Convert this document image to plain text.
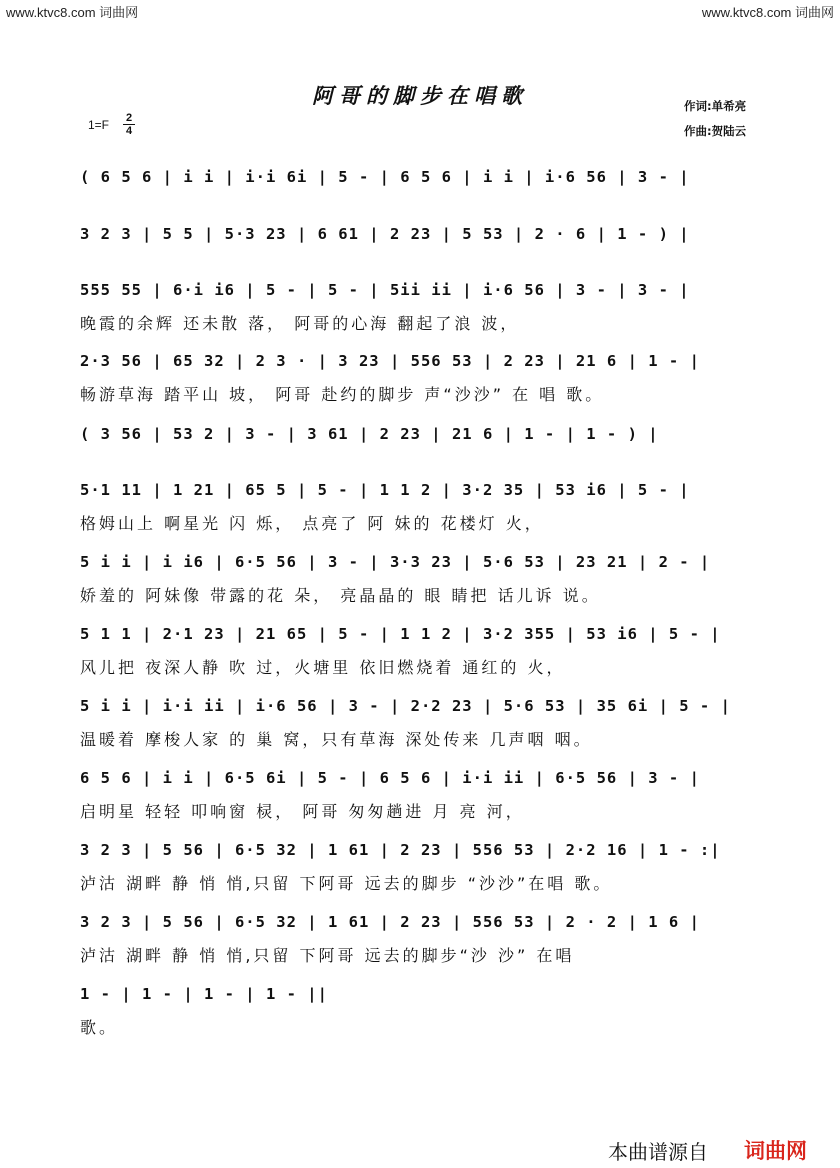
www.ktvc8.com 词曲网	www.ktvc8.com 词曲网
阿哥的脚步在唱歌
1=F	2
4
作词:单希亮
作曲:贺陆云
( 6 5 6 | i i | i·i 6i | 5 - | 6 5 6 | i i | i·6 56 | 3 - |
3 2 3 | 5 5 | 5·3 23 | 6 61 | 2 23 | 5 53 | 2 · 6 | 1 - ) |
555 55 | 6·i i6 | 5 - | 5 - | 5ii ii | i·6 56 | 3 - | 3 - |
晚霞的余辉 还未散 落， 阿哥的心海 翻起了浪 波，
2·3 56 | 65 32 | 2 3 · | 3 23 | 556 53 | 2 23 | 21 6 | 1 - |
畅游草海 踏平山 坡， 阿哥 赴约的脚步 声“沙沙” 在 唱 歌。
( 3 56 | 53 2 | 3 - | 3 61 | 2 23 | 21 6 | 1 - | 1 - ) |
5·1 11 | 1 21 | 65 5 | 5 - | 1 1 2 | 3·2 35 | 53 i6 | 5 - |
格姆山上 啊星光 闪 烁， 点亮了 阿 妹的 花楼灯 火，
5 i i | i i6 | 6·5 56 | 3 - | 3·3 23 | 5·6 53 | 23 21 | 2 - |
娇羞的 阿妹像 带露的花 朵， 亮晶晶的 眼 睛把 话儿诉 说。
5 1 1 | 2·1 23 | 21 65 | 5 - | 1 1 2 | 3·2 355 | 53 i6 | 5 - |
风儿把 夜深人静 吹 过，火塘里 依旧燃烧着 通红的 火，
5 i i | i·i ii | i·6 56 | 3 - | 2·2 23 | 5·6 53 | 35 6i | 5 - |
温暖着 摩梭人家 的 巢 窝，只有草海 深处传来 几声咽 咽。
6 5 6 | i i | 6·5 6i | 5 - | 6 5 6 | i·i ii | 6·5 56 | 3 - |
启明星 轻轻 叩响窗 棂， 阿哥 匆匆趟进 月 亮 河，
3 2 3 | 5 56 | 6·5 32 | 1 61 | 2 23 | 556 53 | 2·2 16 | 1 - :|
泸沽 湖畔 静 悄 悄,只留 下阿哥 远去的脚步 “沙沙”在唱 歌。
3 2 3 | 5 56 | 6·5 32 | 1 61 | 2 23 | 556 53 | 2 · 2 | 1 6 |
泸沽 湖畔 静 悄 悄,只留 下阿哥 远去的脚步“沙 沙” 在唱
1 - | 1 - | 1 - | 1 - ||
歌。
本曲谱源自 词曲网
